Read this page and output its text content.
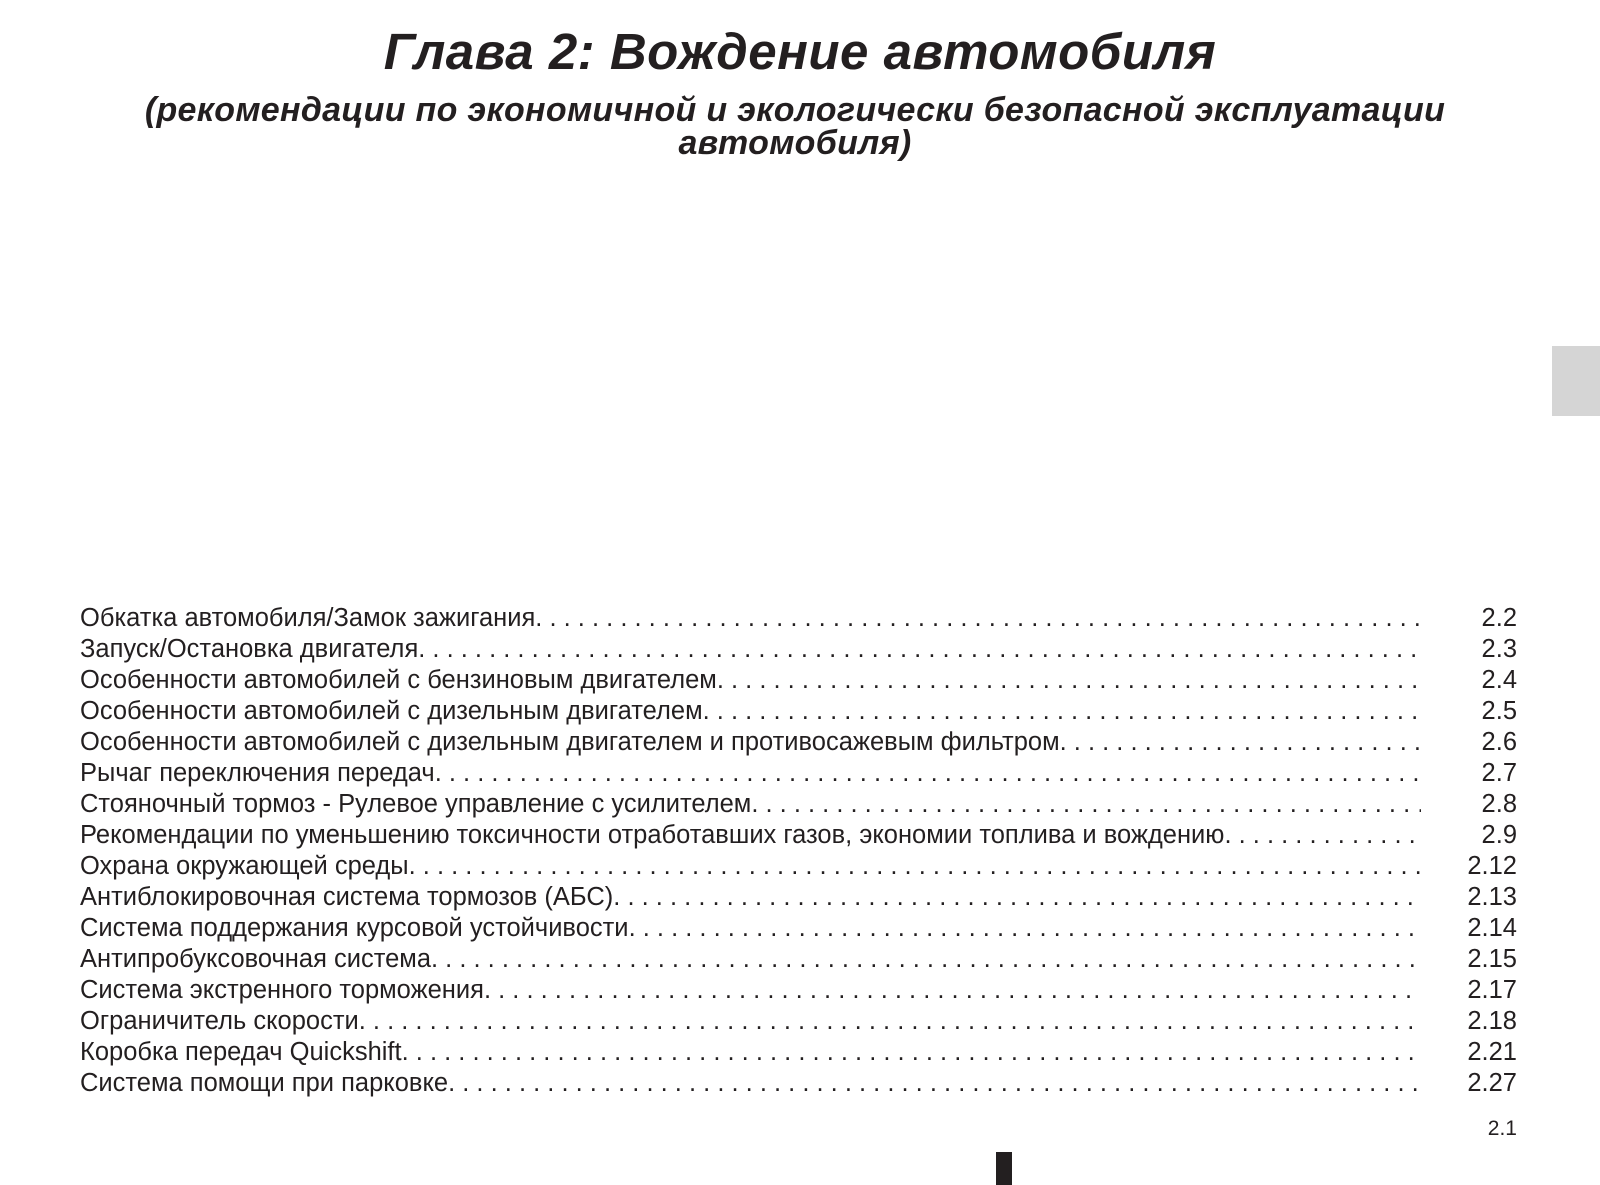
Глава 2: Вождение автомобиля
(рекомендации по экономичной и экологически безопасной эксплуатации
автомобиля)
Обкатка автомобиля/Замок зажигания . . .	2.2
Запуск/Остановка двигателя . . .	2.3
Особенности автомобилей с бензиновым двигателем . . .	2.4
Особенности автомобилей с дизельным двигателем . . .	2.5
Особенности автомобилей с дизельным двигателем и противосажевым фильтром . . .	2.6
Рычаг переключения передач . . .	2.7
Стояночный тормоз - Рулевое управление с усилителем . . .	2.8
Рекомендации по уменьшению токсичности отработавших газов, экономии топлива и вождению . . .	2.9
Охрана окружающей среды . . .	2.12
Антиблокировочная система тормозов (АБС) . . .	2.13
Система поддержания курсовой устойчивости . . .	2.14
Антипробуксовочная система . . .	2.15
Система экстренного торможения . . .	2.17
Ограничитель скорости . . .	2.18
Коробка передач Quickshift . . .	2.21
Система помощи при парковке . . .	2.27
2.1
